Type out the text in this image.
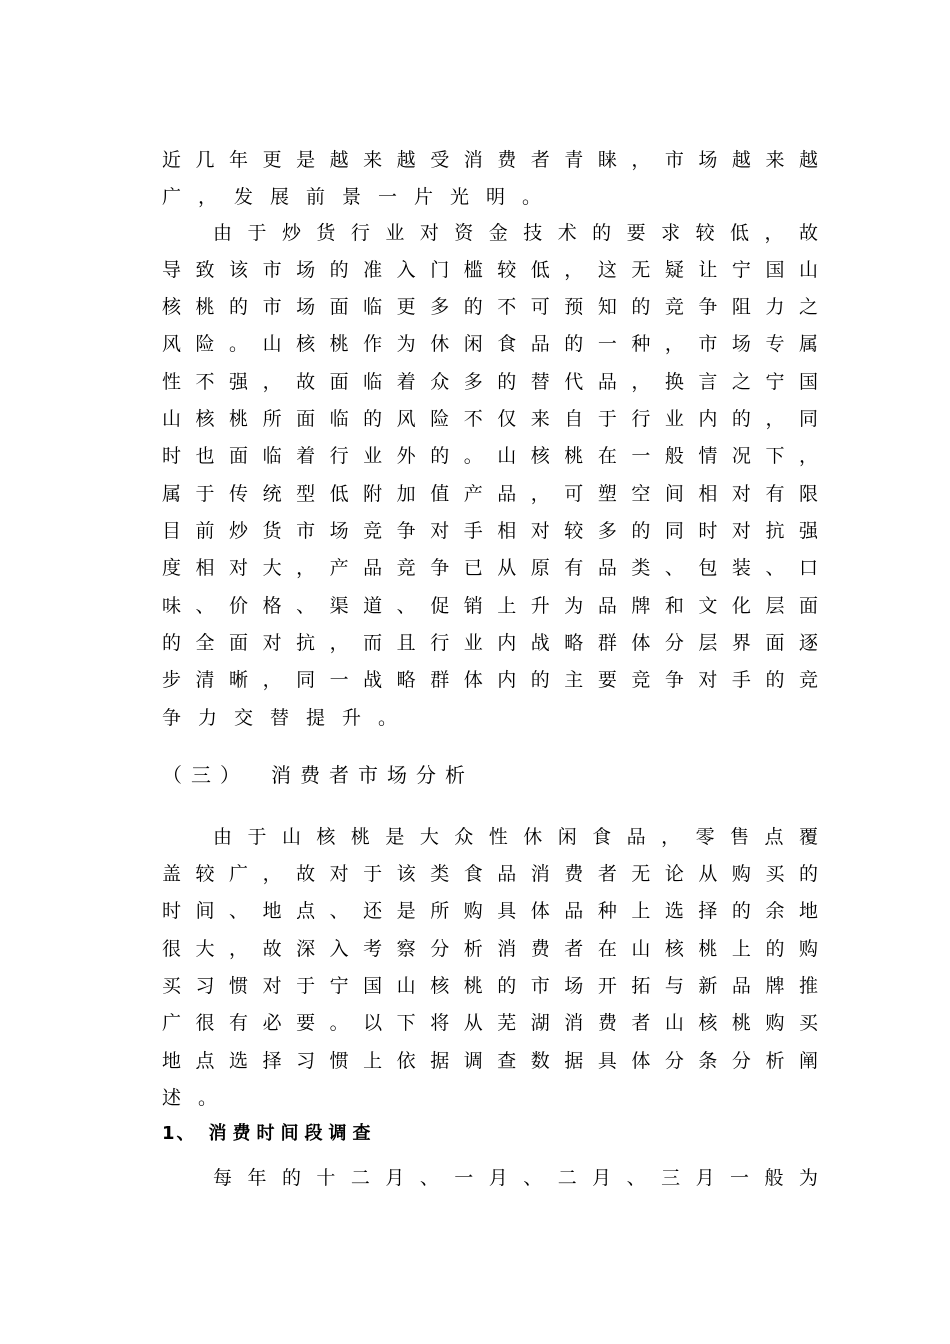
近几年更是越来越受消费者青睐，市场越来越
广，发展前景一片光明。
由于炒货行业对资金技术的要求较低，故
导致该市场的准入门槛较低，这无疑让宁国山
核桃的市场面临更多的不可预知的竞争阻力之
风险。山核桃作为休闲食品的一种，市场专属
性不强，故面临着众多的替代品，换言之宁国
山核桃所面临的风险不仅来自于行业内的，同
时也面临着行业外的。山核桃在一般情况下，
属于传统型低附加值产品，可塑空间相对有限
目前炒货市场竞争对手相对较多的同时对抗强
度相对大，产品竞争已从原有品类、包装、口
味、价格、渠道、促销上升为品牌和文化层面
的全面对抗，而且行业内战略群体分层界面逐
步清晰，同一战略群体内的主要竞争对手的竞
争力交替提升。
（三） 消费者市场分析
由于山核桃是大众性休闲食品，零售点覆
盖较广，故对于该类食品消费者无论从购买的
时间、地点、还是所购具体品种上选择的余地
很大，故深入考察分析消费者在山核桃上的购
买习惯对于宁国山核桃的市场开拓与新品牌推
广很有必要。以下将从芜湖消费者山核桃购买
地点选择习惯上依据调查数据具体分条分析阐
述。
1、 消费时间段调查
每年的十二月、一月、二月、三月一般为
